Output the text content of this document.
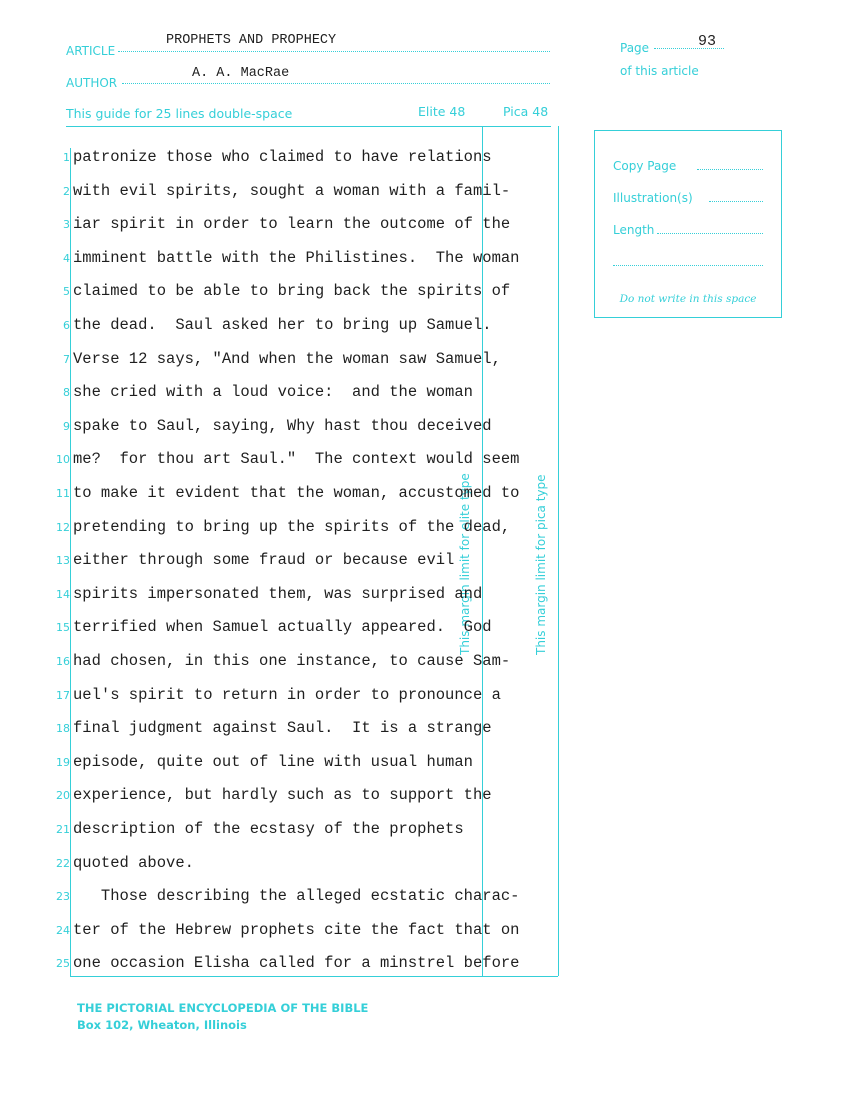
ARTICLE
PROPHETS AND PROPHECY
AUTHOR
A. A. MacRae
Page	93
of this article
This guide for 25 lines double-space	Elite 48	Pica 48
This margin limit for elite type	This margin limit for pica type
Copy Page
Illustration(s)
Length
Do not write in this space
1 patronize those who claimed to have relations
2 with evil spirits, sought a woman with a famil-
3 iar spirit in order to learn the outcome of the
4 imminent battle with the Philistines.  The woman
5 claimed to be able to bring back the spirits of
6 the dead.  Saul asked her to bring up Samuel.
7 Verse 12 says, "And when the woman saw Samuel,
8 she cried with a loud voice:  and the woman
9 spake to Saul, saying, Why hast thou deceived
10 me?  for thou art Saul."  The context would seem
11 to make it evident that the woman, accustomed to
12 pretending to bring up the spirits of the dead,
13 either through some fraud or because evil
14 spirits impersonated them, was surprised and
15 terrified when Samuel actually appeared.  God
16 had chosen, in this one instance, to cause Sam-
17 uel's spirit to return in order to pronounce a
18 final judgment against Saul.  It is a strange
19 episode, quite out of line with usual human
20 experience, but hardly such as to support the
21 description of the ecstasy of the prophets
22 quoted above.
23 Those describing the alleged ecstatic charac-
24 ter of the Hebrew prophets cite the fact that on
25 one occasion Elisha called for a minstrel before
THE PICTORIAL ENCYCLOPEDIA OF THE BIBLE
Box 102, Wheaton, Illinois
